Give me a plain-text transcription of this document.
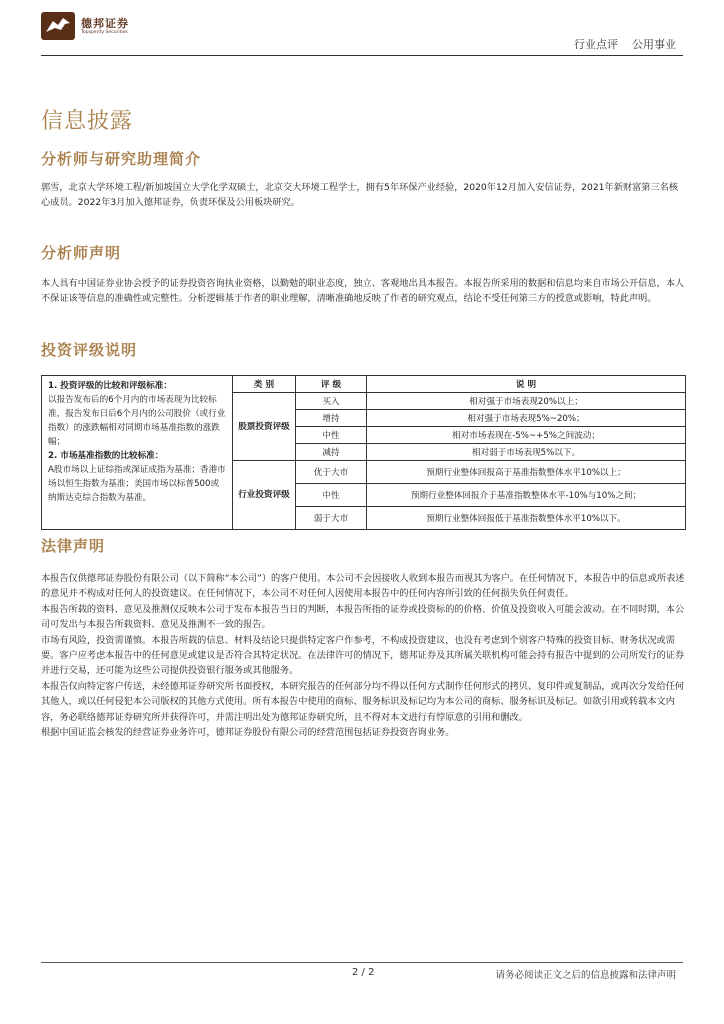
德邦证券
Topsperity Securities
行业点评    公用事业
信息披露
分析师与研究助理简介
郭雪，北京大学环境工程/新加坡国立大学化学双硕士，北京交大环境工程学士，拥有5年环保产业经验，2020年12月加入安信证券，2021年新财富第三名核心成员。2022年3月加入德邦证券，负责环保及公用板块研究。
分析师声明
本人具有中国证券业协会授予的证券投资咨询执业资格，以勤勉的职业态度，独立、客观地出具本报告。本报告所采用的数据和信息均来自市场公开信息，本人不保证该等信息的准确性或完整性。分析逻辑基于作者的职业理解，清晰准确地反映了作者的研究观点，结论不受任何第三方的授意或影响，特此声明。
投资评级说明
1. 投资评级的比较和评级标准：
以报告发布后的6个月内的市场表现为比较标准，报告发布日后6个月内的公司股价（或行业指数）的涨跌幅相对同期市场基准指数的涨跌幅；
2. 市场基准指数的比较标准：
A股市场以上证综指或深证成指为基准；香港市场以恒生指数为基准；美国市场以标普500或纳斯达克综合指数为基准。	类 别	评 级	说 明
	股票投资评级	买入	相对强于市场表现20%以上；
		增持	相对强于市场表现5%~20%；
		中性	相对市场表现在-5%~+5%之间波动；
		减持	相对弱于市场表现5%以下。
	行业投资评级	优于大市	预期行业整体回报高于基准指数整体水平10%以上；
		中性	预期行业整体回报介于基准指数整体水平-10%与10%之间；
		弱于大市	预期行业整体回报低于基准指数整体水平10%以下。
法律声明

本报告仅供德邦证券股份有限公司（以下简称“本公司”）的客户使用。本公司不会因接收人收到本报告而视其为客户。在任何情况下，本报告中的信息或所表述的意见并不构成对任何人的投资建议。在任何情况下，本公司不对任何人因使用本报告中的任何内容所引致的任何损失负任何责任。

本报告所载的资料、意见及推测仅反映本公司于发布本报告当日的判断，本报告所指的证券或投资标的的价格、价值及投资收入可能会波动。在不同时期，本公司可发出与本报告所载资料、意见及推测不一致的报告。

市场有风险，投资需谨慎。本报告所载的信息、材料及结论只提供特定客户作参考，不构成投资建议，也没有考虑到个别客户特殊的投资目标、财务状况或需要。客户应考虑本报告中的任何意见或建议是否符合其特定状况。在法律许可的情况下，德邦证券及其所属关联机构可能会持有报告中提到的公司所发行的证券并进行交易，还可能为这些公司提供投资银行服务或其他服务。

本报告仅向特定客户传送，未经德邦证券研究所书面授权，本研究报告的任何部分均不得以任何方式制作任何形式的拷贝、复印件或复制品，或再次分发给任何其他人，或以任何侵犯本公司版权的其他方式使用。所有本报告中使用的商标、服务标识及标记均为本公司的商标、服务标识及标记。如欲引用或转载本文内容，务必联络德邦证券研究所并获得许可，并需注明出处为德邦证券研究所，且不得对本文进行有悖原意的引用和删改。

根据中国证监会核发的经营证券业务许可，德邦证券股份有限公司的经营范围包括证券投资咨询业务。

2 / 2	请务必阅读正文之后的信息披露和法律声明
